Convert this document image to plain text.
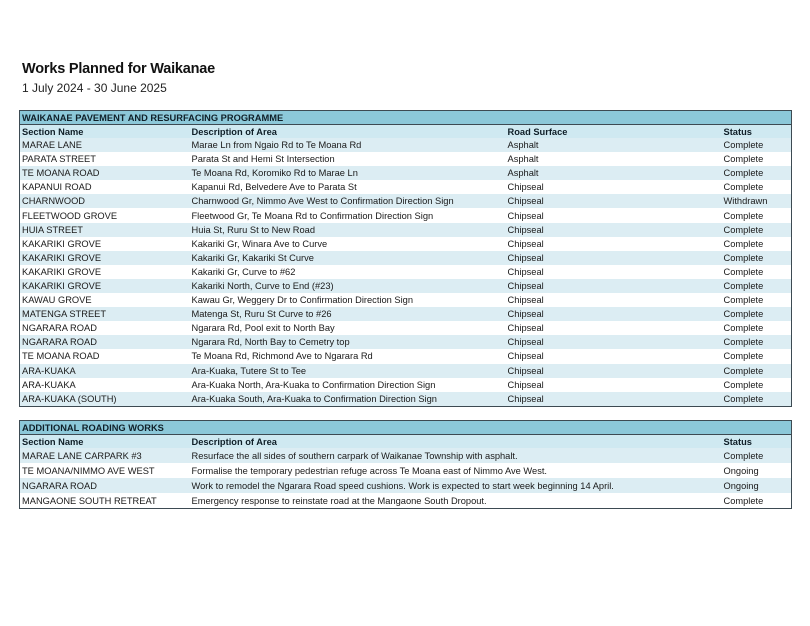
Works Planned for Waikanae
1 July 2024 - 30 June 2025
WAIKANAE PAVEMENT AND RESURFACING PROGRAMME			
Section Name	Description of Area	Road Surface	Status
MARAE LANE	Marae Ln from Ngaio Rd to Te Moana Rd	Asphalt	Complete
PARATA STREET	Parata St and Hemi St Intersection	Asphalt	Complete
TE MOANA ROAD	Te Moana Rd, Koromiko Rd to Marae Ln	Asphalt	Complete
KAPANUI ROAD	Kapanui Rd, Belvedere Ave to Parata St	Chipseal	Complete
CHARNWOOD	Charnwood Gr, Nimmo Ave West to Confirmation Direction Sign	Chipseal	Withdrawn
FLEETWOOD GROVE	Fleetwood Gr, Te Moana Rd to Confirmation Direction Sign	Chipseal	Complete
HUIA STREET	Huia St, Ruru St to New Road	Chipseal	Complete
KAKARIKI GROVE	Kakariki Gr, Winara Ave to Curve	Chipseal	Complete
KAKARIKI GROVE	Kakariki Gr, Kakariki St Curve	Chipseal	Complete
KAKARIKI GROVE	Kakariki Gr, Curve to #62	Chipseal	Complete
KAKARIKI GROVE	Kakariki North, Curve to End (#23)	Chipseal	Complete
KAWAU GROVE	Kawau Gr, Weggery Dr to Confirmation Direction Sign	Chipseal	Complete
MATENGA STREET	Matenga St, Ruru St Curve to #26	Chipseal	Complete
NGARARA ROAD	Ngarara Rd, Pool exit to North Bay	Chipseal	Complete
NGARARA ROAD	Ngarara Rd, North Bay to Cemetry top	Chipseal	Complete
TE MOANA ROAD	Te Moana Rd, Richmond Ave to Ngarara Rd	Chipseal	Complete
ARA-KUAKA	Ara-Kuaka, Tutere St to Tee	Chipseal	Complete
ARA-KUAKA	Ara-Kuaka North, Ara-Kuaka to Confirmation Direction Sign	Chipseal	Complete
ARA-KUAKA (SOUTH)	Ara-Kuaka South, Ara-Kuaka to Confirmation Direction Sign	Chipseal	Complete
ADDITIONAL ROADING WORKS		
Section Name	Description of Area	Status
MARAE LANE CARPARK #3	Resurface the all sides of southern carpark of Waikanae Township with asphalt.	Complete
TE MOANA/NIMMO AVE WEST	Formalise the temporary pedestrian refuge across Te Moana east of Nimmo Ave West.	Ongoing
NGARARA ROAD	Work to remodel the Ngarara Road speed cushions. Work is expected to start week beginning 14 April.	Ongoing
MANGAONE SOUTH RETREAT	Emergency response to reinstate road at the Mangaone South Dropout.	Complete
